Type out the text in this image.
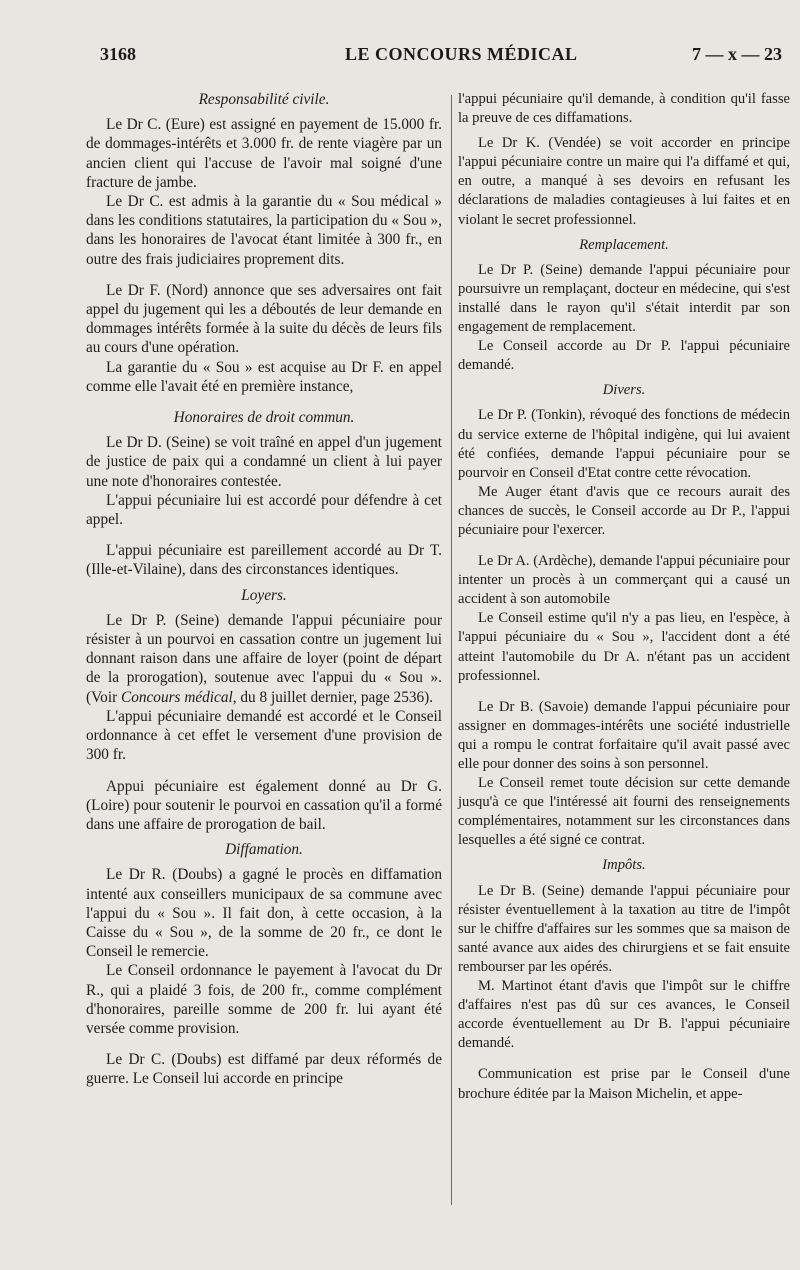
3168	LE CONCOURS MÉDICAL	7 — x — 23

Responsabilité civile.

Le Dr C. (Eure) est assigné en payement de 15.000 fr. de dommages-intérêts et 3.000 fr. de rente viagère par un ancien client qui l'accuse de l'avoir mal soigné d'une fracture de jambe.

Le Dr C. est admis à la garantie du « Sou médical » dans les conditions statutaires, la participation du « Sou », dans les honoraires de l'avocat étant limitée à 300 fr., en outre des frais judiciaires proprement dits.

Le Dr F. (Nord) annonce que ses adversaires ont fait appel du jugement qui les a déboutés de leur demande en dommages intérêts formée à la suite du décès de leurs fils au cours d'une opération.

La garantie du « Sou » est acquise au Dr F. en appel comme elle l'avait été en première instance,

Honoraires de droit commun.

Le Dr D. (Seine) se voit traîné en appel d'un jugement de justice de paix qui a condamné un client à lui payer une note d'honoraires contestée.

L'appui pécuniaire lui est accordé pour défendre à cet appel.

L'appui pécuniaire est pareillement accordé au Dr T. (Ille-et-Vilaine), dans des circonstances identiques.

Loyers.

Le Dr P. (Seine) demande l'appui pécuniaire pour résister à un pourvoi en cassation contre un jugement lui donnant raison dans une affaire de loyer (point de départ de la prorogation), soutenue avec l'appui du « Sou ». (Voir Concours médical, du 8 juillet dernier, page 2536).

L'appui pécuniaire demandé est accordé et le Conseil ordonnance à cet effet le versement d'une provision de 300 fr.

Appui pécuniaire est également donné au Dr G. (Loire) pour soutenir le pourvoi en cassation qu'il a formé dans une affaire de prorogation de bail.

Diffamation.

Le Dr R. (Doubs) a gagné le procès en diffamation intenté aux conseillers municipaux de sa commune avec l'appui du « Sou ». Il fait don, à cette occasion, à la Caisse du « Sou », de la somme de 20 fr., ce dont le Conseil le remercie.

Le Conseil ordonnance le payement à l'avocat du Dr R., qui a plaidé 3 fois, de 200 fr., comme complément d'honoraires, pareille somme de 200 fr. lui ayant été versée comme provision.

Le Dr C. (Doubs) est diffamé par deux réformés de guerre. Le Conseil lui accorde en principe

l'appui pécuniaire qu'il demande, à condition qu'il fasse la preuve de ces diffamations.

Le Dr K. (Vendée) se voit accorder en principe l'appui pécuniaire contre un maire qui l'a diffamé et qui, en outre, a manqué à ses devoirs en refusant les déclarations de maladies contagieuses à lui faites et en violant le secret professionnel.

Remplacement.

Le Dr P. (Seine) demande l'appui pécuniaire pour poursuivre un remplaçant, docteur en médecine, qui s'est installé dans le rayon qu'il s'était interdit par son engagement de remplacement.

Le Conseil accorde au Dr P. l'appui pécuniaire demandé.

Divers.

Le Dr P. (Tonkin), révoqué des fonctions de médecin du service externe de l'hôpital indigène, qui lui avaient été confiées, demande l'appui pécuniaire pour se pourvoir en Conseil d'Etat contre cette révocation.

Me Auger étant d'avis que ce recours aurait des chances de succès, le Conseil accorde au Dr P., l'appui pécuniaire pour l'exercer.

Le Dr A. (Ardèche), demande l'appui pécuniaire pour intenter un procès à un commerçant qui a causé un accident à son automobile

Le Conseil estime qu'il n'y a pas lieu, en l'espèce, à l'appui pécuniaire du « Sou », l'accident dont a été atteint l'automobile du Dr A. n'étant pas un accident professionnel.

Le Dr B. (Savoie) demande l'appui pécuniaire pour assigner en dommages-intérêts une société industrielle qui a rompu le contrat forfaitaire qu'il avait passé avec elle pour donner des soins à son personnel.

Le Conseil remet toute décision sur cette demande jusqu'à ce que l'intéressé ait fourni des renseignements complémentaires, notamment sur les circonstances dans lesquelles a été signé ce contrat.

Impôts.

Le Dr B. (Seine) demande l'appui pécuniaire pour résister éventuellement à la taxation au titre de l'impôt sur le chiffre d'affaires sur les sommes que sa maison de santé avance aux aides des chirurgiens et se fait ensuite rembourser par les opérés.

M. Martinot étant d'avis que l'impôt sur le chiffre d'affaires n'est pas dû sur ces avances, le Conseil accorde éventuellement au Dr B. l'appui pécuniaire demandé.

Communication est prise par le Conseil d'une brochure éditée par la Maison Michelin, et appe-
